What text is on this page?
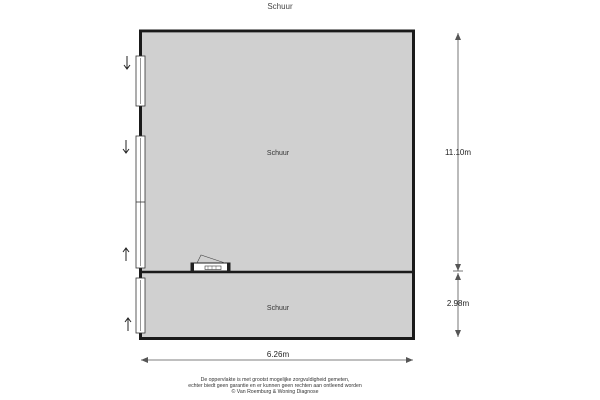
Schuur
Schuur
Schuur
11.10m
2.98m
6.26m
De oppervlakte is met grootst mogelijke zorgvuldigheid gemeten,
echter biedt geen garantie en er kunnen geen rechten aan ontleend worden
© Van Roemburg & Woning Diagnose
